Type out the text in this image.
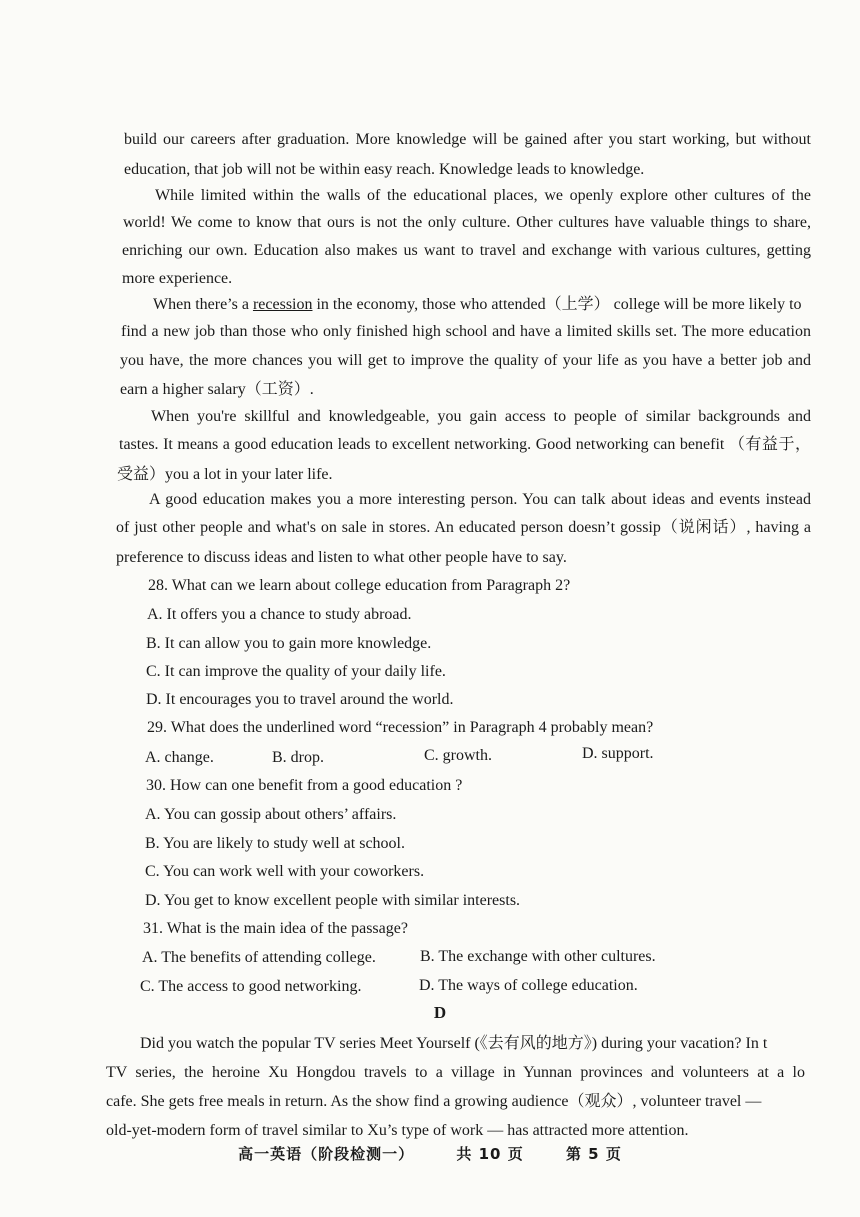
build our careers after graduation. More knowledge will be gained after you start working, but without
education, that job will not be within easy reach. Knowledge leads to knowledge.
While limited within the walls of the educational places, we openly explore other cultures of the
world! We come to know that ours is not the only culture. Other cultures have valuable things to share,
enriching our own. Education also makes us want to travel and exchange with various cultures, getting
more experience.
When there’s a recession in the economy, those who attended（上学） college will be more likely to
find a new job than those who only finished high school and have a limited skills set. The more education
you have, the more chances you will get to improve the quality of your life as you have a better job and
earn a higher salary（工资）.
When you're skillful and knowledgeable, you gain access to people of similar backgrounds and
tastes. It means a good education leads to excellent networking. Good networking can benefit （有益于，
受益）you a lot in your later life.
A good education makes you a more interesting person. You can talk about ideas and events instead
of just other people and what's on sale in stores. An educated person doesn’t gossip（说闲话）, having a
preference to discuss ideas and listen to what other people have to say.
28. What can we learn about college education from Paragraph 2?
A. It offers you a chance to study abroad.
B. It can allow you to gain more knowledge.
C. It can improve the quality of your daily life.
D. It encourages you to travel around the world.
29. What does the underlined word “recession” in Paragraph 4 probably mean?
A. change.	B. drop.	C. growth.	D. support.
30. How can one benefit from a good education ?
A. You can gossip about others’ affairs.
B. You are likely to study well at school.
C. You can work well with your coworkers.
D. You get to know excellent people with similar interests.
31. What is the main idea of the passage?
A. The benefits of attending college.	B. The exchange with other cultures.
C. The access to good networking.	D. The ways of college education.
D
Did you watch the popular TV series Meet Yourself (《去有风的地方》) during your vacation? In t
TV series, the heroine Xu Hongdou travels to a village in Yunnan provinces and volunteers at a lo
cafe. She gets free meals in return. As the show find a growing audience（观众）, volunteer travel —
old-yet-modern form of travel similar to Xu’s type of work — has attracted more attention.
高一英语（阶段检测一）	共 10 页	第 5 页
